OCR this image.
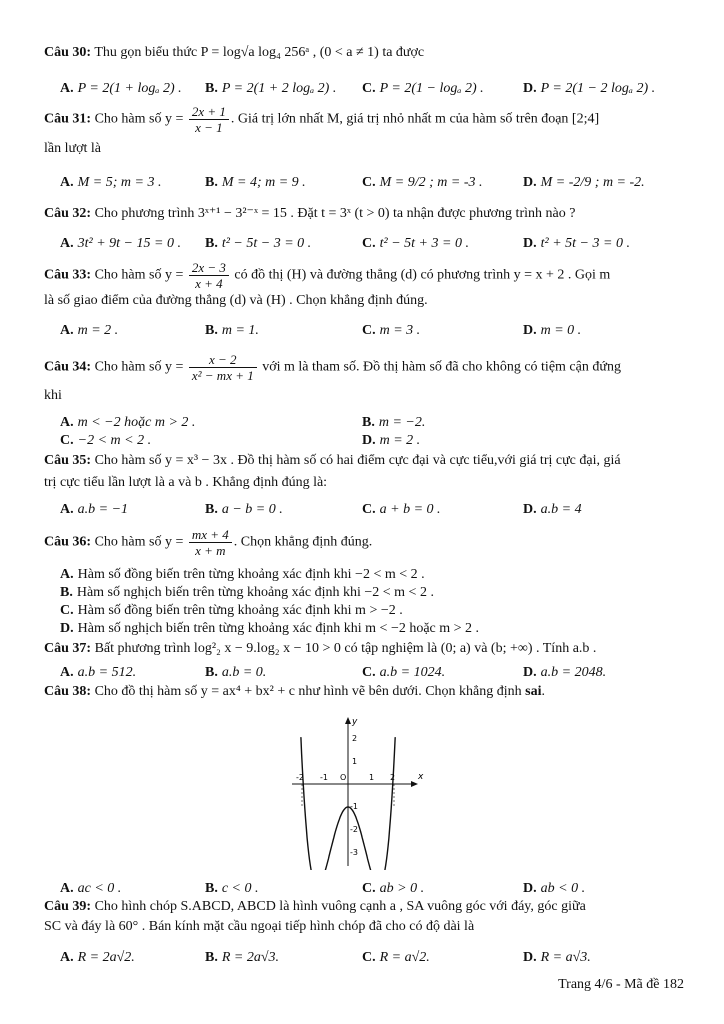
Câu 30: Thu gọn biểu thức P = log√a log₄ 256ᵃ , (0 < a ≠ 1) ta được
A. P = 2(1 + logₐ 2) . B. P = 2(1 + 2 logₐ 2) . C. P = 2(1 − logₐ 2) .	D. P = 2(1 − 2 logₐ 2) .
Câu 31: Cho hàm số $y = \frac{2x + 1}{x - 1}$ . Giá trị lớn nhất M, giá trị nhỏ nhất m của hàm số trên đoạn [2;4]
lần lượt là
A. M = 5; m = 3 .	B. M = 4; m = 9 .	C. M = 9/2 ; m = -3 .	D. M = -2/9 ; m = -2.
Câu 32: Cho phương trình 3ˣ⁺¹ − 3²⁻ˣ = 15 . Đặt t = 3ˣ (t > 0) ta nhận được phương trình nào ?
A. 3t² + 9t − 15 = 0 . B. t² − 5t − 3 = 0 .	C. t² − 5t + 3 = 0 .	D. t² + 5t − 3 = 0 .
Câu 33: Cho hàm số $y = \frac{2x - 3}{x + 4}$ có đồ thị (H) và đường thẳng (d) có phương trình y = x + 2 . Gọi m
là số giao điểm của đường thẳng (d) và (H) . Chọn khẳng định đúng.
A. m = 2 .	B. m = 1.	C. m = 3 .	D. m = 0 .
Câu 34: Cho hàm số $y = \frac{x - 2}{\text{x² − mx + 1}}$ với m là tham số. Đồ thị hàm số đã cho không có tiệm cận đứng
khi
A. m < −2 hoặc m > 2 .	B. m = −2.
C. −2 < m < 2 .	D. m = 2 .
Câu 35: Cho hàm số y = x³ − 3x . Đồ thị hàm số có hai điểm cực đại và cực tiểu,với giá trị cực đại, giá
trị cực tiểu lần lượt là a và b . Khẳng định đúng là:
A. a.b = −1	B. a − b = 0 .	C. a + b = 0 .	D. a.b = 4
Câu 36: Cho hàm số $y = \frac{mx + 4}{x + m}$ . Chọn khẳng định đúng.
A. Hàm số đồng biến trên từng khoảng xác định khi −2 < m < 2 .
B. Hàm số nghịch biến trên từng khoảng xác định khi −2 < m < 2 .
C. Hàm số đồng biến trên từng khoảng xác định khi m > −2 .
D. Hàm số nghịch biến trên từng khoảng xác định khi m < −2 hoặc m > 2 .
Câu 37: Bất phương trình log²₂ x − 9.log₂ x − 10 > 0 có tập nghiệm là (0; a) và (b; +∞) . Tính a.b .
A. a.b = 512.	B. a.b = 0.	C. a.b = 1024.	D. a.b = 2048.
Câu 38: Cho đồ thị hàm số y = ax⁴ + bx² + c như hình vẽ bên dưới. Chọn khẳng định sai.
y
x
-2 -1 O	1 2
2
1
-1
-2
-3
A. ac < 0 .	B. c < 0 .	C. ab > 0 .	D. ab < 0 .
Câu 39: Cho hình chóp S.ABCD, ABCD là hình vuông cạnh a , SA vuông góc với đáy, góc giữa
SC và đáy là 60° . Bán kính mặt cầu ngoại tiếp hình chóp đã cho có độ dài là
A. R = 2a√2.	B. R = 2a√3.	C. R = a√2.	D. R = a√3.
Trang 4/6 - Mã đề 182
